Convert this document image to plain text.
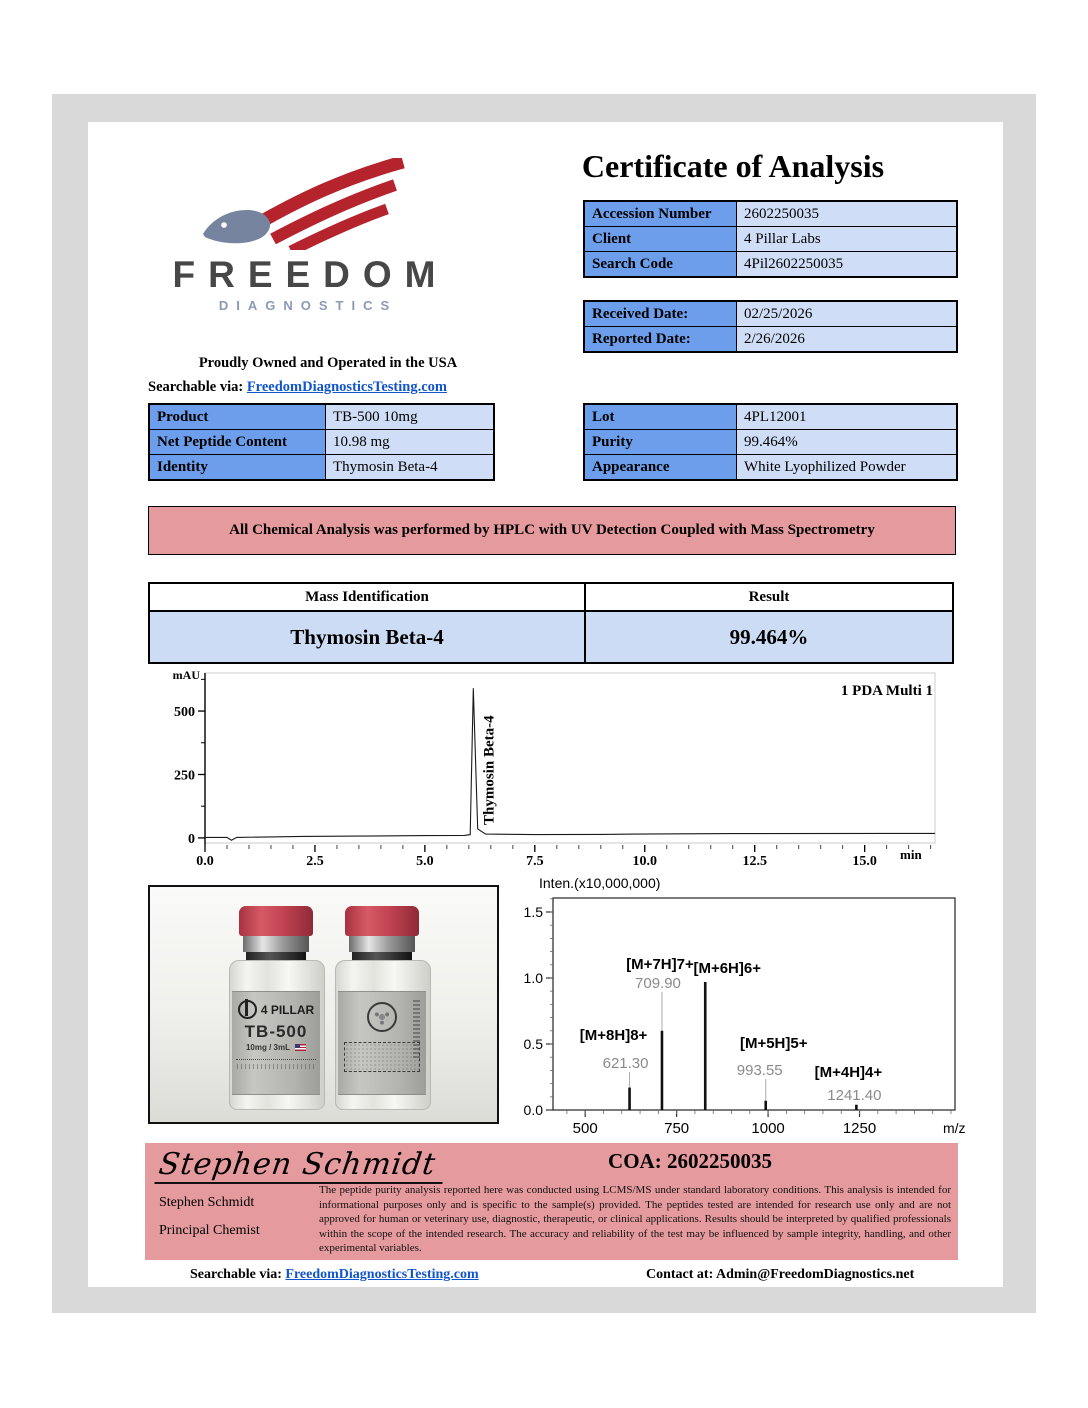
FREEDOM
DIAGNOSTICS
Proudly Owned and Operated in the USA
Searchable via: FreedomDiagnosticsTesting.com
Certificate of Analysis
Accession Number	2602250035
Client	4 Pillar Labs
Search Code	4Pil2602250035
Received Date:	02/25/2026
Reported Date:	2/26/2026
Product	TB-500 10mg
Net Peptide Content	10.98 mg
Identity	Thymosin Beta-4
Lot	4PL12001
Purity	99.464%
Appearance	White Lyophilized Powder
All Chemical Analysis was performed by HPLC with UV Detection Coupled with Mass Spectrometry
Mass Identification	Result
Thymosin Beta-4	99.464%
0
250
500
0.0	2.5	5.0	7.5	10.0	12.5	15.0
mAU
min
1 PDA Multi 1
Thymosin Beta-4
4 PILLAR
TB-500
10mg / 3mL
0.0
0.5
1.0
1.5
500	750	1000	1250
Inten.(x10,000,000)
m/z
[M+8H]8+
621.30
[M+7H]7+
709.90
[M+6H]6+
[M+5H]5+
993.55 [M+4H]4+
1241.40
Stephen Schmidt
Stephen Schmidt
Principal Chemist
COA: 2602250035
The peptide purity analysis reported here was conducted using LCMS/MS under standard laboratory conditions. This analysis is intended for informational purposes only and is specific to the sample(s) provided. The peptides tested are intended for research use only and are not approved for human or veterinary use, diagnostic, therapeutic, or clinical applications. Results should be interpreted by qualified professionals within the scope of the intended research. The accuracy and reliability of the test may be influenced by sample integrity, handling, and other experimental variables.
Searchable via: FreedomDiagnosticsTesting.com	Contact at: Admin@FreedomDiagnostics.net
